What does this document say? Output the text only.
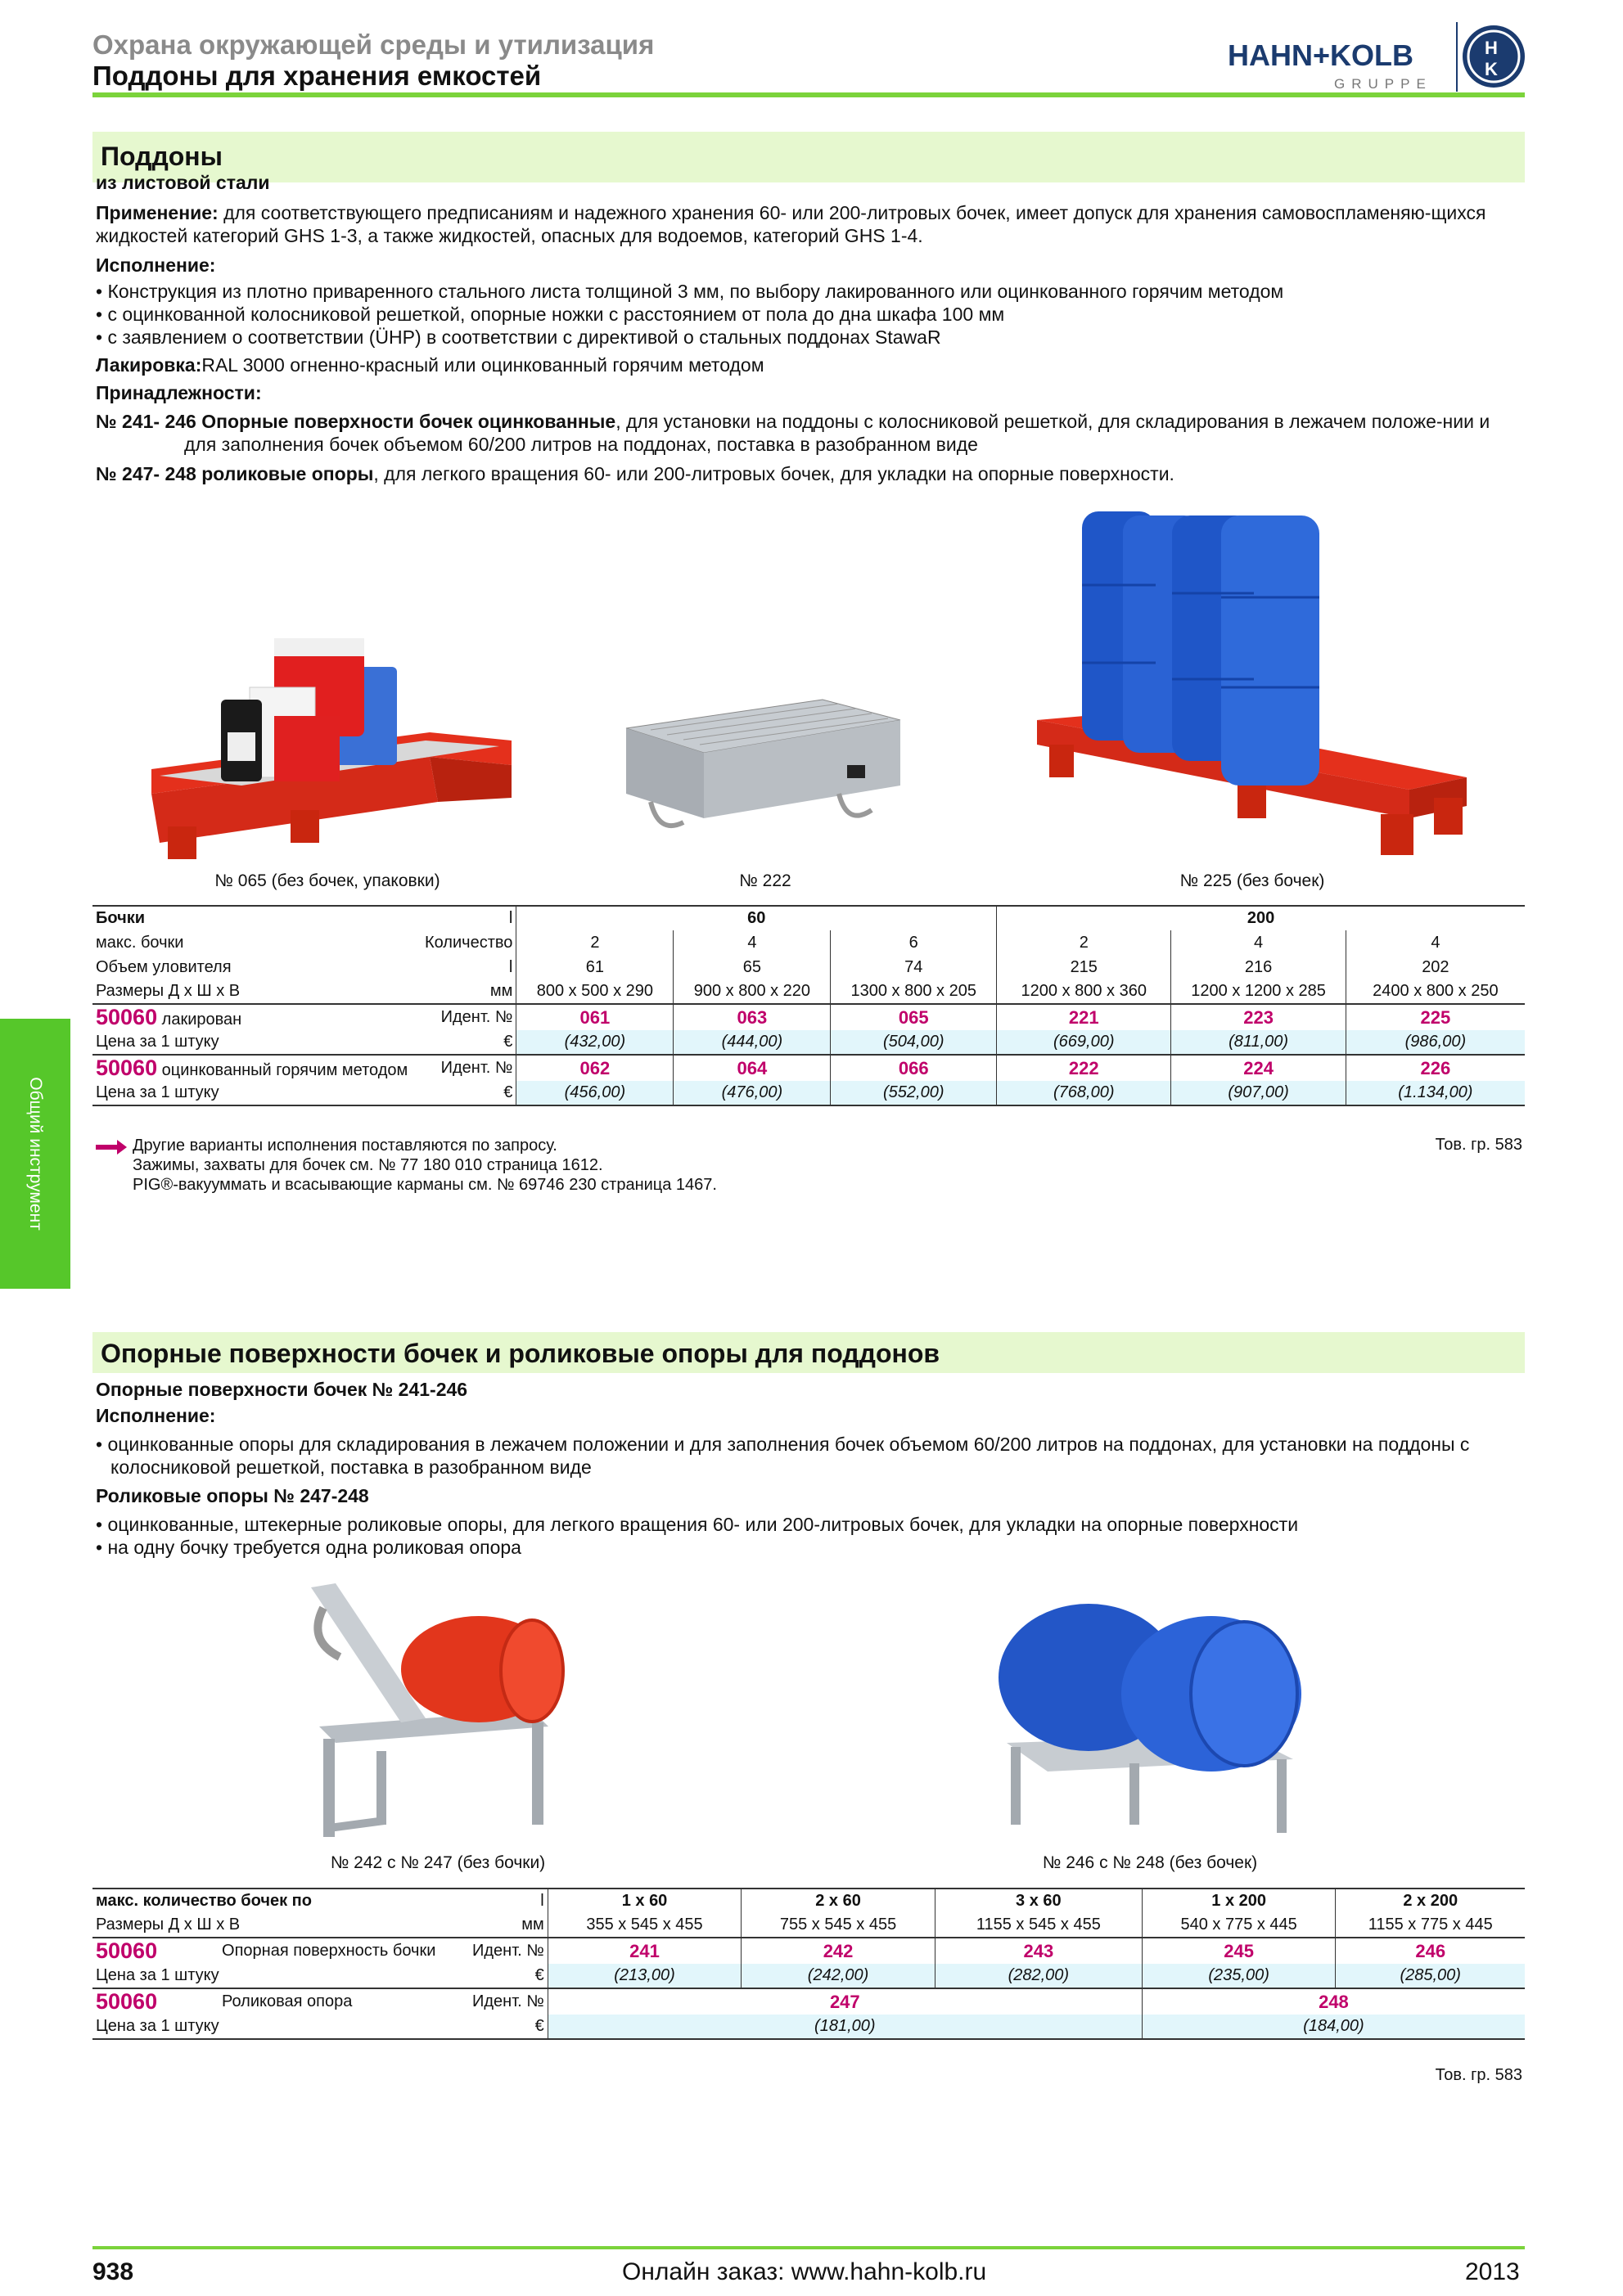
Охрана окружающей среды и утилизация
Поддоны для хранения емкостей
HAHN+KOLB
GRUPPE
H
K
Поддоны
из листовой стали
Применение: для соответствующего предписаниям и надежного хранения 60- или 200-литровых бочек, имеет допуск для хранения самовоспламеняю-щихся жидкостей категорий GHS 1-3, а также жидкостей, опасных для водоемов, категорий GHS 1-4.
Исполнение:
• Конструкция из плотно приваренного стального листа толщиной 3 мм, по выбору лакированного или оцинкованного горячим методом
• с оцинкованной колосниковой решеткой, опорные ножки с расстоянием от пола до дна шкафа 100 мм
• с заявлением о соответствии (ÜHP) в соответствии с директивой о стальных поддонах StawaR
Лакировка:RAL 3000 огненно-красный или оцинкованный горячим методом
Принадлежности:
№ 241- 246 Опорные поверхности бочек оцинкованные, для установки на поддоны с колосниковой решеткой, для складирования в лежачем положе-нии и для заполнения бочек объемом 60/200 литров на поддонах, поставка в разобранном виде
№ 247- 248 роликовые опоры, для легкого вращения 60- или 200-литровых бочек, для укладки на опорные поверхности.
№ 065 (без бочек, упаковки)	№ 222	№ 225 (без бочек)
Бочки		l	60			200		
макс. бочки	Количество		2	4	6	2	4	4
Объем уловителя		l	61	65	74	215	216	202
Размеры Д х Ш х В		мм	800 x 500 x 290	900 x 800 x 220	1300 x 800 x 205	1200 x 800 x 360	1200 x 1200 x 285	2400 x 800 x 250
50060 лакирован	Идент. №		061	063	065	221	223	225
Цена за 1 штуку		€	(432,00)	(444,00)	(504,00)	(669,00)	(811,00)	(986,00)
50060 оцинкованный горячим методом		Идент. №	062	064	066	222	224	226
Цена за 1 штуку		€	(456,00)	(476,00)	(552,00)	(768,00)	(907,00)	(1.134,00)
Другие варианты исполнения поставляются по запросу.
Зажимы, захваты для бочек см. № 77 180 010 страница 1612.
PIG®-вакууммать и всасывающие карманы см. № 69746 230 страница 1467.
Тов. гр. 583
Общий инструмент
Опорные поверхности бочек и роликовые опоры для поддонов
Опорные поверхности бочек № 241-246
Исполнение:
• оцинкованные опоры для складирования в лежачем положении и для заполнения бочек объемом 60/200 литров на поддонах, для установки на поддоны с колосниковой решеткой, поставка в разобранном виде
Роликовые опоры № 247-248
• оцинкованные, штекерные роликовые опоры, для легкого вращения 60- или 200-литровых бочек, для укладки на опорные поверхности
• на одну бочку требуется одна роликовая опора
№ 242 с № 247 (без бочки)	№ 246 с № 248 (без бочек)
макс. количество бочек по		l	1 x 60	2 x 60	3 x 60	1 x 200	2 x 200
Размеры Д х Ш х В		мм	355 x 545 x 455	755 x 545 x 455	1155 x 545 x 455	540 x 775 x 445	1155 x 775 x 445
50060	Опорная поверхность бочки	Идент. №	241	242	243	245	246
Цена за 1 штуку		€	(213,00)	(242,00)	(282,00)	(235,00)	(285,00)
50060	Роликовая опора	Идент. №	247			248	
Цена за 1 штуку		€	(181,00)			(184,00)	
Тов. гр. 583
938	Онлайн заказ: www.hahn-kolb.ru	2013
